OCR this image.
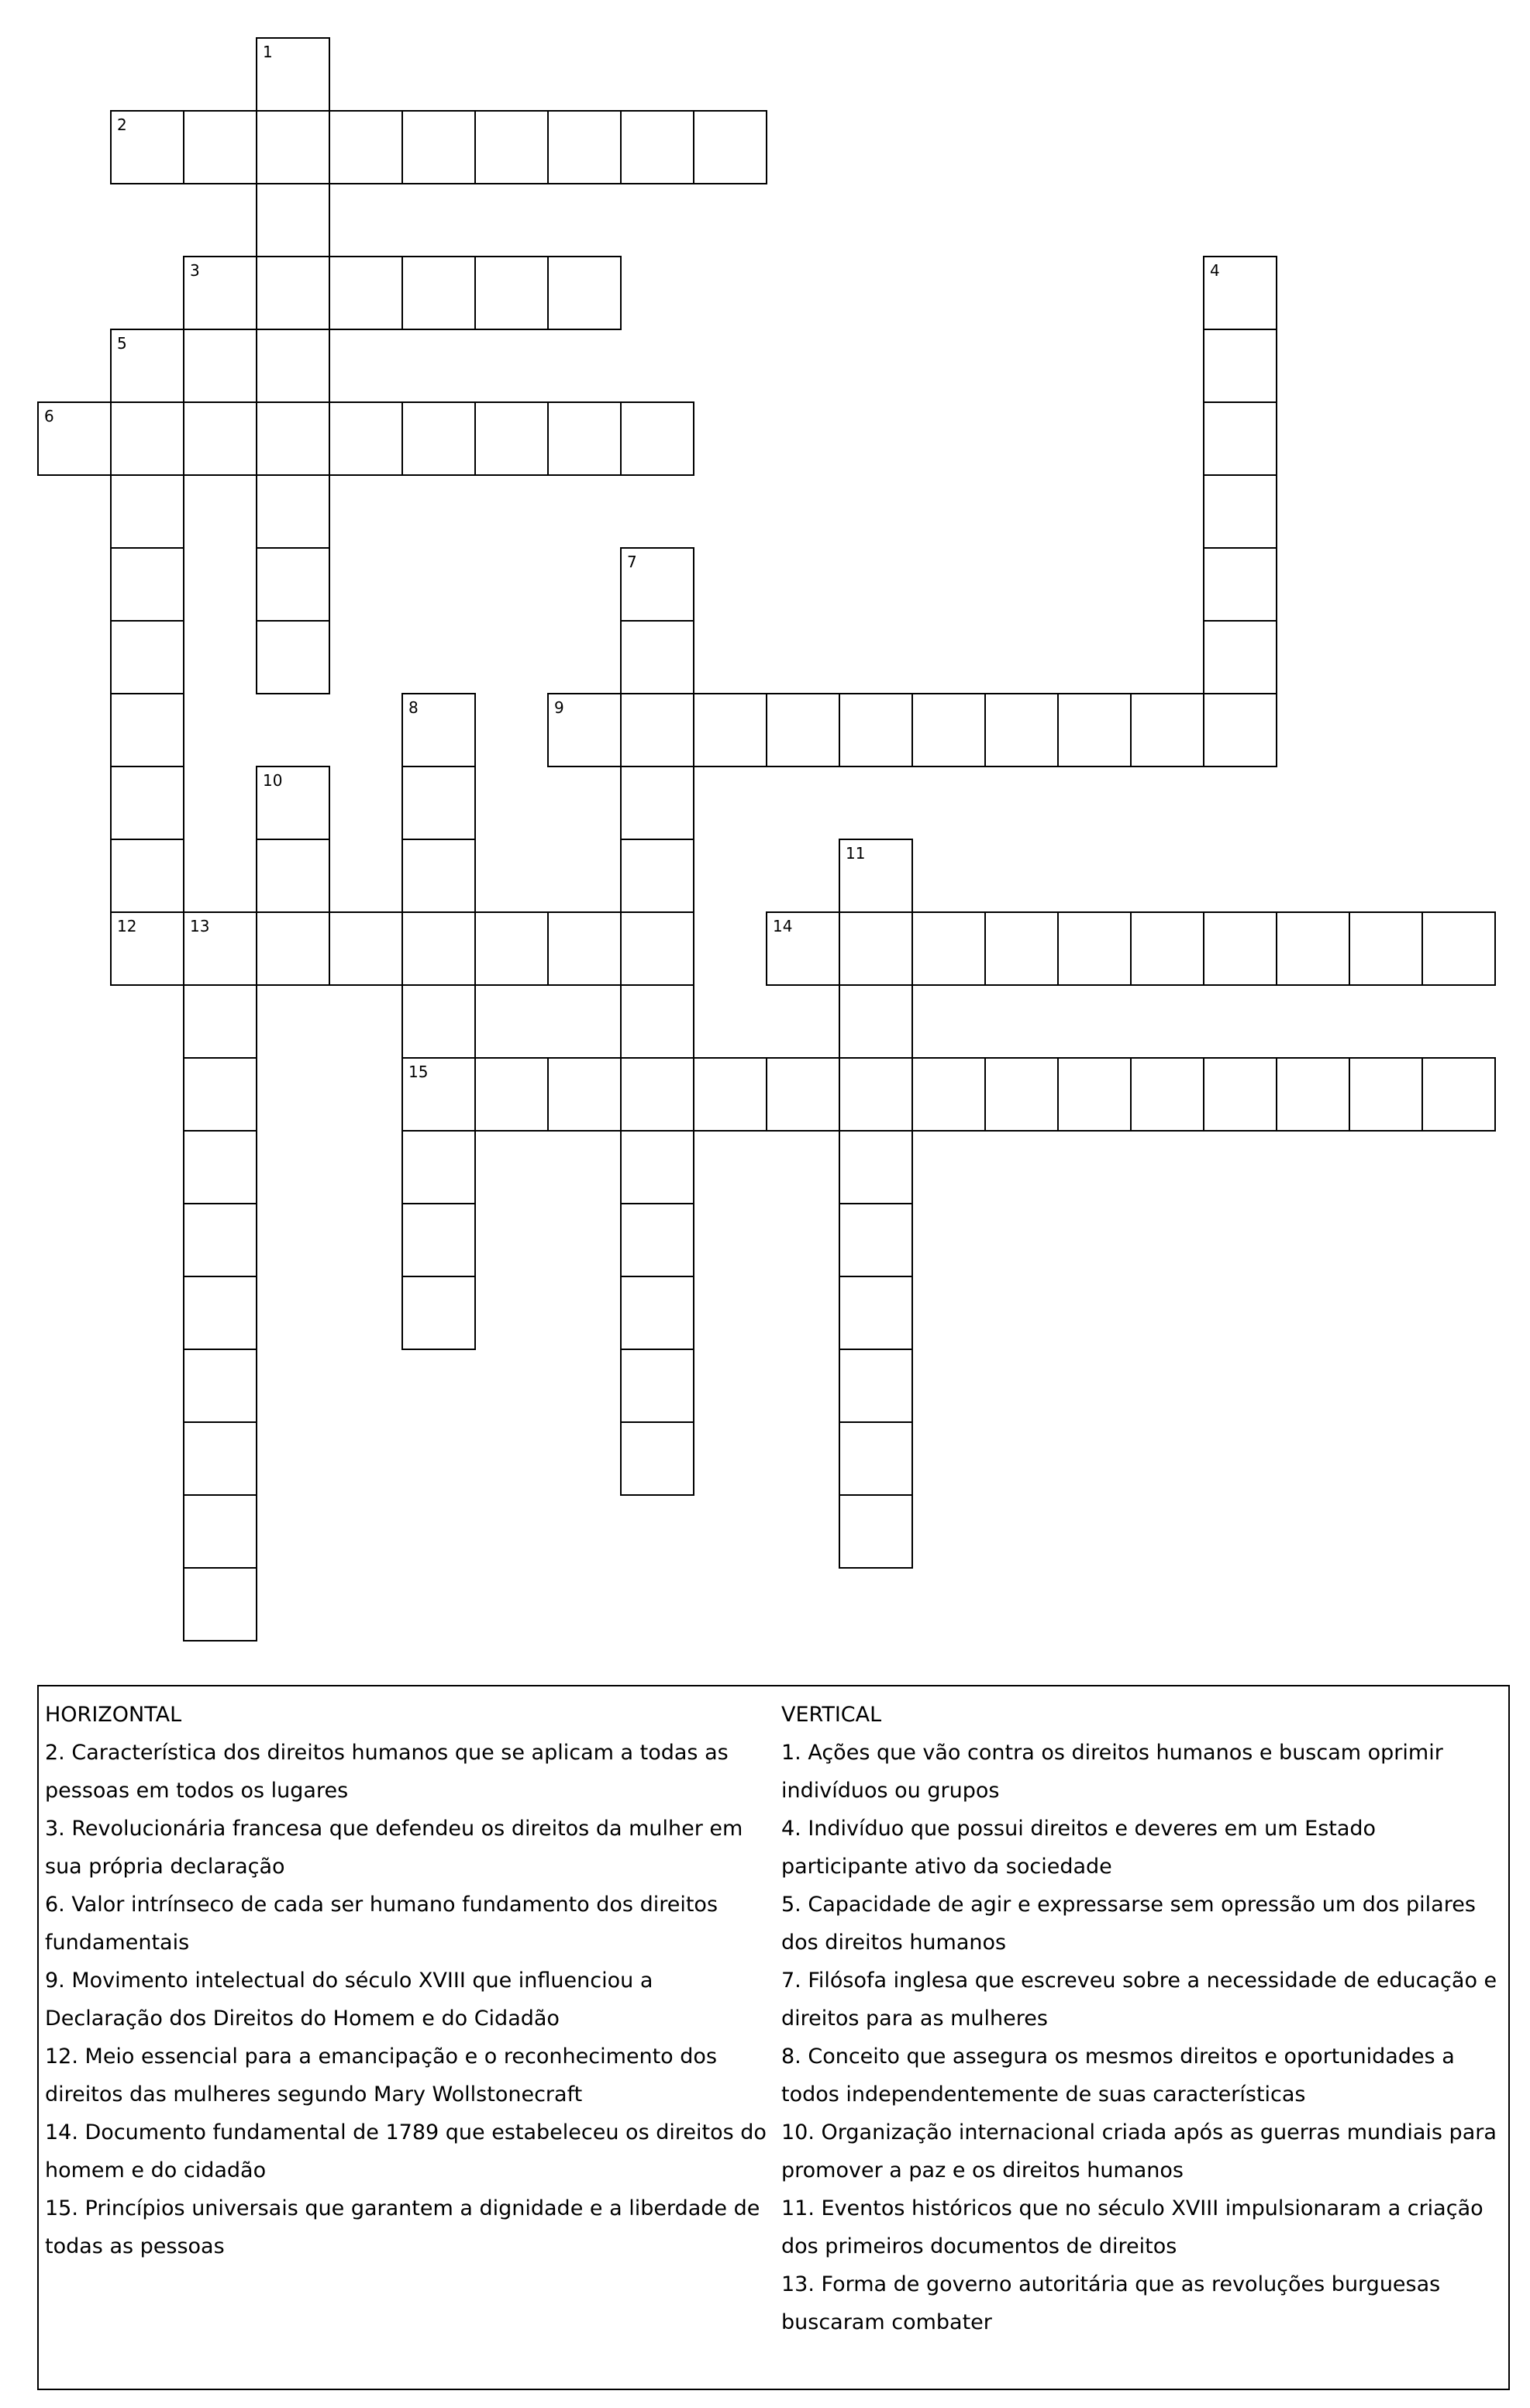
1
2
3	4
5
6
7
8	9
10
11
12	13	14
15
HORIZONTAL
2. Característica dos direitos humanos que se aplicam a todas as
pessoas em todos os lugares
3. Revolucionária francesa que defendeu os direitos da mulher em
sua própria declaração
6. Valor intrínseco de cada ser humano fundamento dos direitos
fundamentais
9. Movimento intelectual do século XVIII que influenciou a
Declaração dos Direitos do Homem e do Cidadão
12. Meio essencial para a emancipação e o reconhecimento dos
direitos das mulheres segundo Mary Wollstonecraft
14. Documento fundamental de 1789 que estabeleceu os direitos do
homem e do cidadão
15. Princípios universais que garantem a dignidade e a liberdade de
todas as pessoas
VERTICAL
1. Ações que vão contra os direitos humanos e buscam oprimir
indivíduos ou grupos
4. Indivíduo que possui direitos e deveres em um Estado
participante ativo da sociedade
5. Capacidade de agir e expressarse sem opressão um dos pilares
dos direitos humanos
7. Filósofa inglesa que escreveu sobre a necessidade de educação e
direitos para as mulheres
8. Conceito que assegura os mesmos direitos e oportunidades a
todos independentemente de suas características
10. Organização internacional criada após as guerras mundiais para
promover a paz e os direitos humanos
11. Eventos históricos que no século XVIII impulsionaram a criação
dos primeiros documentos de direitos
13. Forma de governo autoritária que as revoluções burguesas
buscaram combater
